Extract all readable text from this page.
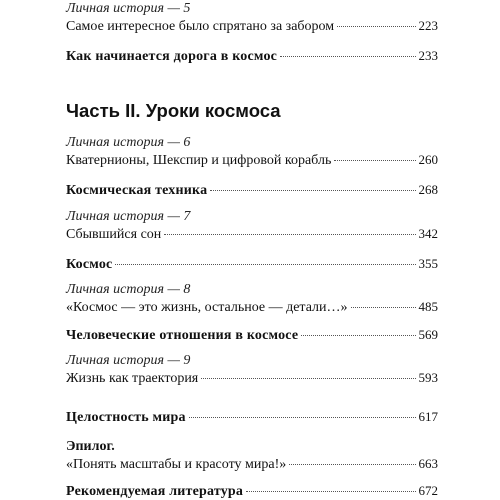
Личная история — 5
Самое интересное было спрятано за забором	223
Как начинается дорога в космос	233
Часть II. Уроки космоса
Личная история — 6
Кватернионы, Шекспир и цифровой корабль	260
Космическая техника	268
Личная история — 7
Сбывшийся сон	342
Космос	355
Личная история — 8
«Космос — это жизнь, остальное — детали…»	485
Человеческие отношения в космосе	569
Личная история — 9
Жизнь как траектория	593
Целостность мира	617
Эпилог.
«Понять масштабы и красоту мира!»	663
Рекомендуемая литература	672
